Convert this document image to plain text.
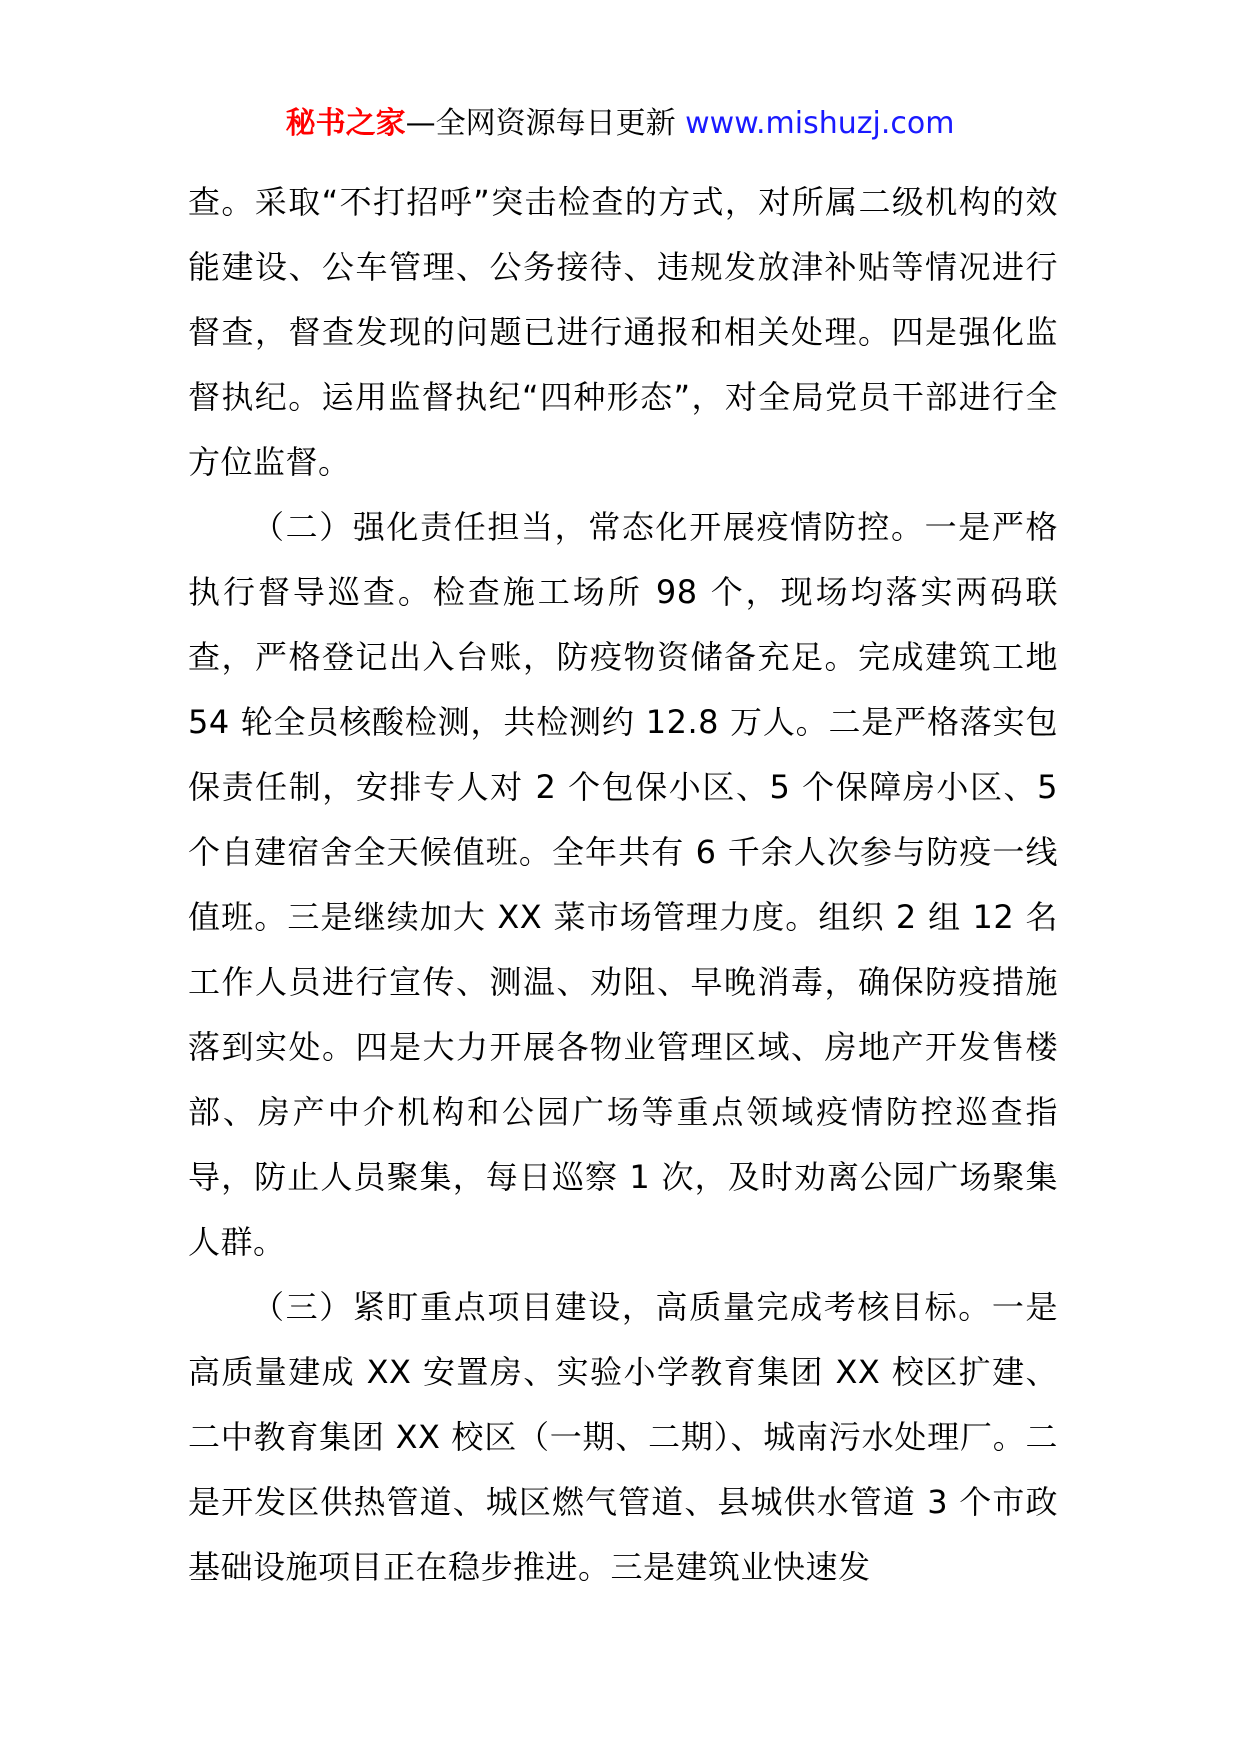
秘书之家—全网资源每日更新 www.mishuzj.com

查。采取“不打招呼”突击检查的方式，对所属二级机构的效能建设、公车管理、公务接待、违规发放津补贴等情况进行督查，督查发现的问题已进行通报和相关处理。四是强化监督执纪。运用监督执纪“四种形态”，对全局党员干部进行全方位监督。

（二）强化责任担当，常态化开展疫情防控。一是严格执行督导巡查。检查施工场所 98 个，现场均落实两码联查，严格登记出入台账，防疫物资储备充足。完成建筑工地 54 轮全员核酸检测，共检测约 12.8 万人。二是严格落实包保责任制，安排专人对 2 个包保小区、5 个保障房小区、5 个自建宿舍全天候值班。全年共有 6 千余人次参与防疫一线值班。三是继续加大 XX 菜市场管理力度。组织 2 组 12 名工作人员进行宣传、测温、劝阻、早晚消毒，确保防疫措施落到实处。四是大力开展各物业管理区域、房地产开发售楼部、房产中介机构和公园广场等重点领域疫情防控巡查指导，防止人员聚集，每日巡察 1 次，及时劝离公园广场聚集人群。

（三）紧盯重点项目建设，高质量完成考核目标。一是高质量建成 XX 安置房、实验小学教育集团 XX 校区扩建、二中教育集团 XX 校区（一期、二期）、城南污水处理厂。二是开发区供热管道、城区燃气管道、县城供水管道 3 个市政基础设施项目正在稳步推进。三是建筑业快速发
